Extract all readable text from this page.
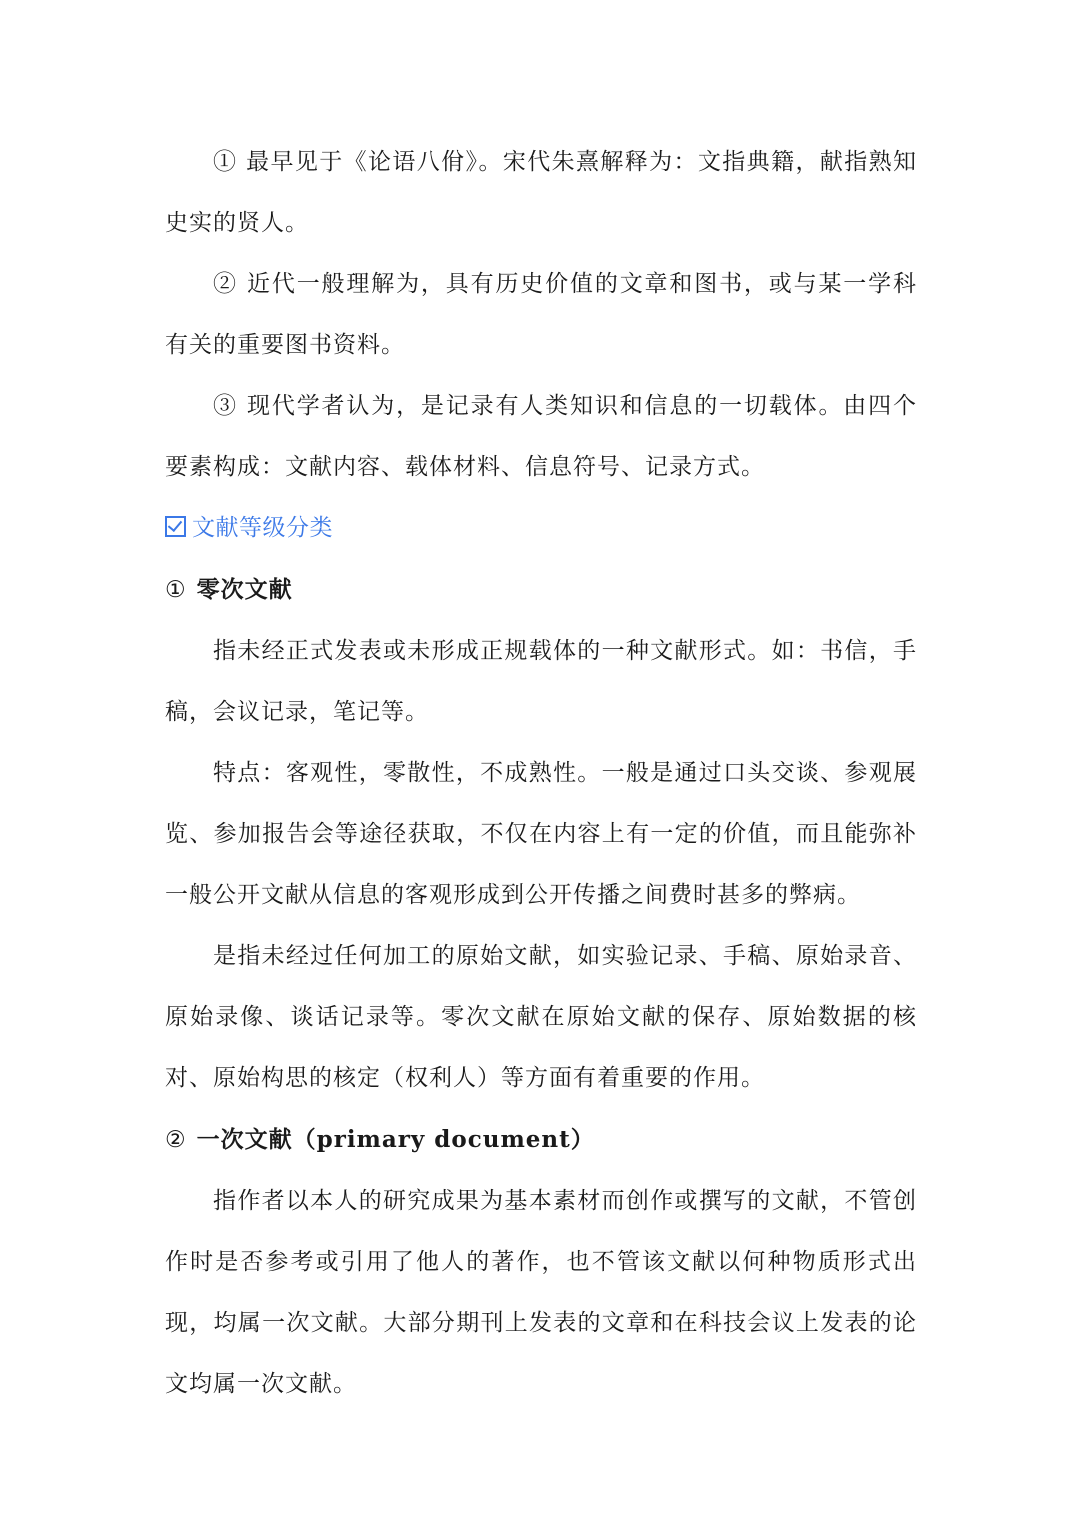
① 最早见于《论语八佾》。宋代朱熹解释为：文指典籍，献指熟知史实的贤人。

② 近代一般理解为，具有历史价值的文章和图书，或与某一学科有关的重要图书资料。

③ 现代学者认为，是记录有人类知识和信息的一切载体。由四个要素构成：文献内容、载体材料、信息符号、记录方式。

文献等级分类

① 零次文献

指未经正式发表或未形成正规载体的一种文献形式。如：书信，手稿，会议记录，笔记等。

特点：客观性，零散性，不成熟性。一般是通过口头交谈、参观展览、参加报告会等途径获取，不仅在内容上有一定的价值，而且能弥补一般公开文献从信息的客观形成到公开传播之间费时甚多的弊病。

是指未经过任何加工的原始文献，如实验记录、手稿、原始录音、原始录像、谈话记录等。零次文献在原始文献的保存、原始数据的核对、原始构思的核定（权利人）等方面有着重要的作用。

② 一次文献（primary document）

指作者以本人的研究成果为基本素材而创作或撰写的文献，不管创作时是否参考或引用了他人的著作，也不管该文献以何种物质形式出现，均属一次文献。大部分期刊上发表的文章和在科技会议上发表的论文均属一次文献。
